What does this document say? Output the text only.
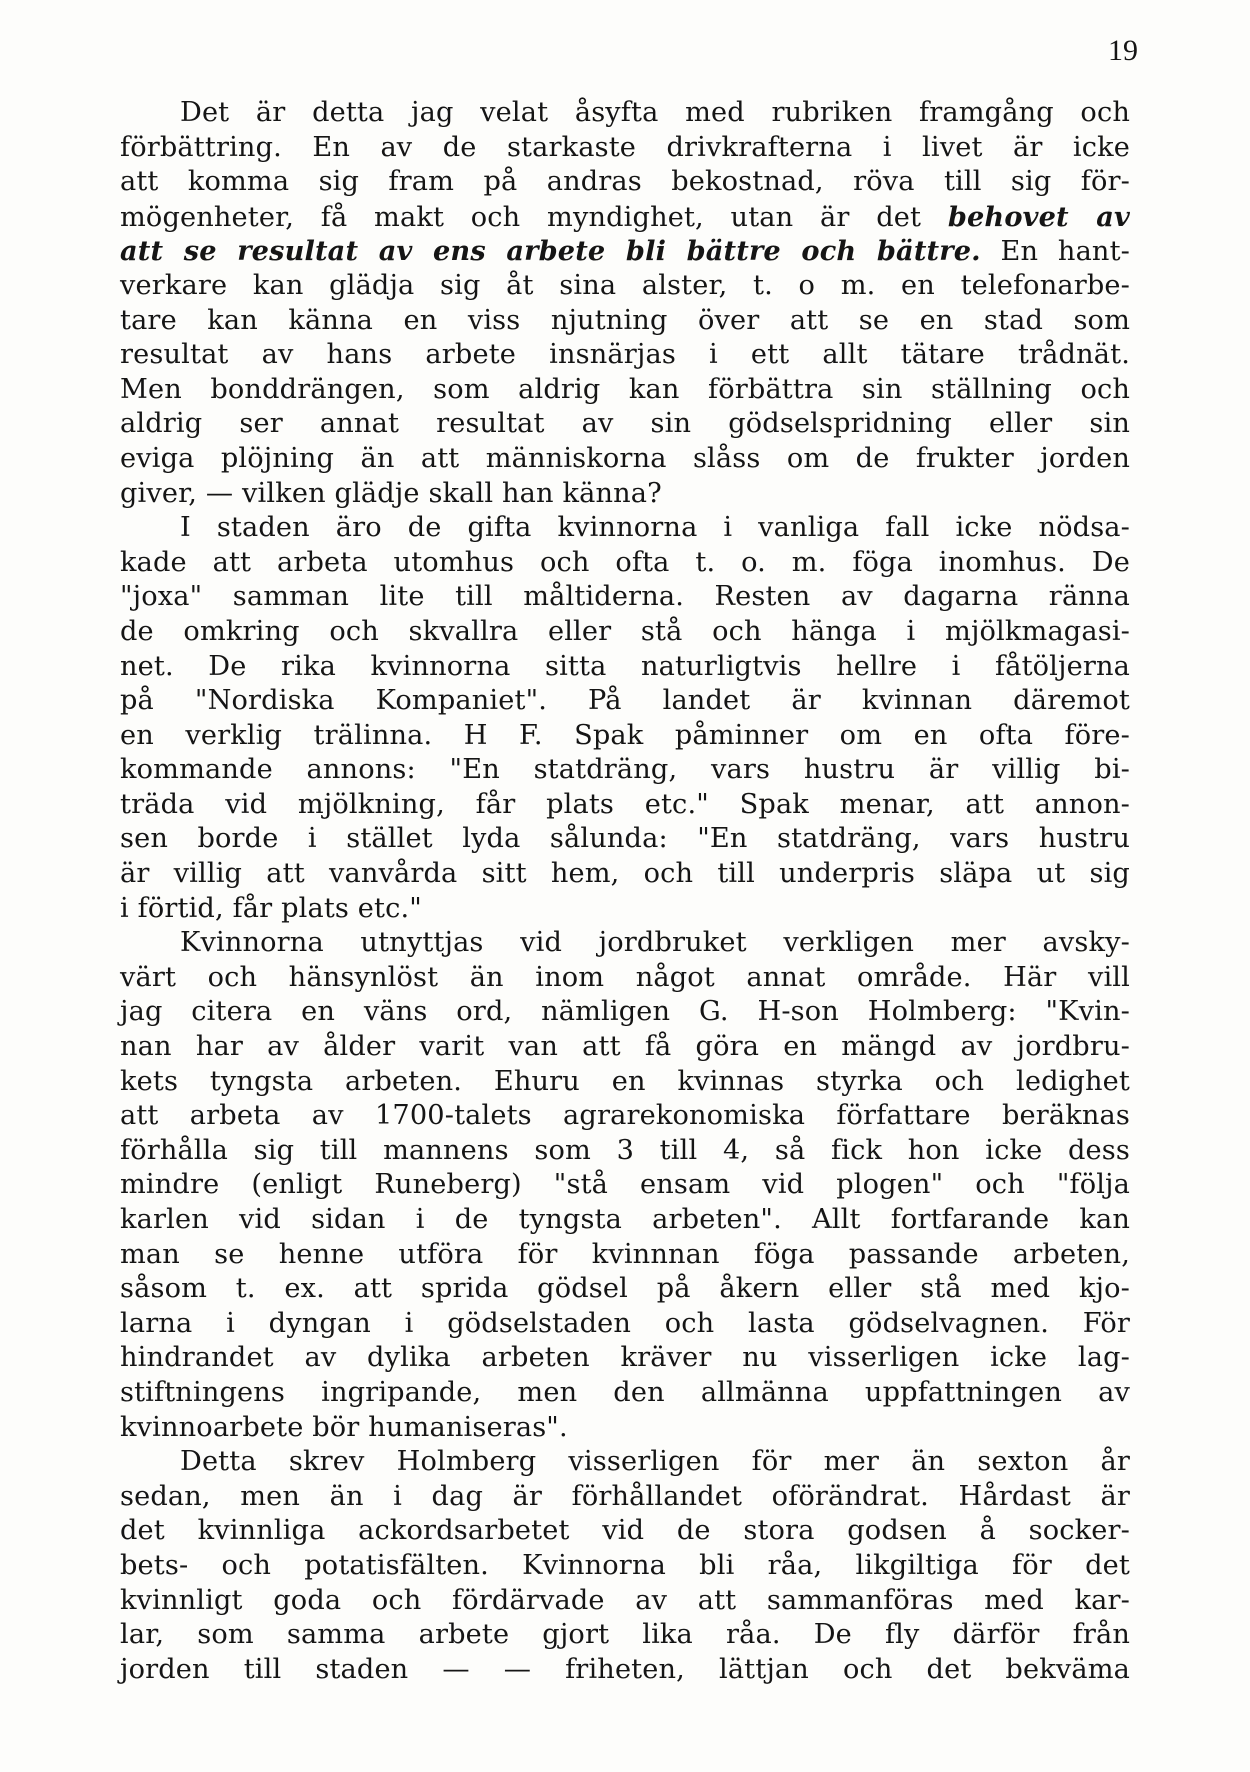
19
Det är detta jag velat åsyfta med rubriken framgång och
förbättring. En av de starkaste drivkrafterna i livet är icke
att komma sig fram på andras bekostnad, röva till sig för-
mögenheter, få makt och myndighet, utan är det behovet av
att se resultat av ens arbete bli bättre och bättre. En hant-
verkare kan glädja sig åt sina alster, t. o m. en telefonarbe-
tare kan känna en viss njutning över att se en stad som
resultat av hans arbete insnärjas i ett allt tätare trådnät.
Men bonddrängen, som aldrig kan förbättra sin ställning och
aldrig ser annat resultat av sin gödselspridning eller sin
eviga plöjning än att människorna slåss om de frukter jorden
giver, — vilken glädje skall han känna?
I staden äro de gifta kvinnorna i vanliga fall icke nödsa-
kade att arbeta utomhus och ofta t. o. m. föga inomhus. De
"joxa" samman lite till måltiderna. Resten av dagarna ränna
de omkring och skvallra eller stå och hänga i mjölkmagasi-
net. De rika kvinnorna sitta naturligtvis hellre i fåtöljerna
på "Nordiska Kompaniet". På landet är kvinnan däremot
en verklig trälinna. H F. Spak påminner om en ofta före-
kommande annons: "En statdräng, vars hustru är villig bi-
träda vid mjölkning, får plats etc." Spak menar, att annon-
sen borde i stället lyda sålunda: "En statdräng, vars hustru
är villig att vanvårda sitt hem, och till underpris släpa ut sig
i förtid, får plats etc."
Kvinnorna utnyttjas vid jordbruket verkligen mer avsky-
värt och hänsynlöst än inom något annat område. Här vill
jag citera en väns ord, nämligen G. H-son Holmberg: "Kvin-
nan har av ålder varit van att få göra en mängd av jordbru-
kets tyngsta arbeten. Ehuru en kvinnas styrka och ledighet
att arbeta av 1700-talets agrarekonomiska författare beräknas
förhålla sig till mannens som 3 till 4, så fick hon icke dess
mindre (enligt Runeberg) "stå ensam vid plogen" och "följa
karlen vid sidan i de tyngsta arbeten". Allt fortfarande kan
man se henne utföra för kvinnnan föga passande arbeten,
såsom t. ex. att sprida gödsel på åkern eller stå med kjo-
larna i dyngan i gödselstaden och lasta gödselvagnen. För
hindrandet av dylika arbeten kräver nu visserligen icke lag-
stiftningens ingripande, men den allmänna uppfattningen av
kvinnoarbete bör humaniseras".
Detta skrev Holmberg visserligen för mer än sexton år
sedan, men än i dag är förhållandet oförändrat. Hårdast är
det kvinnliga ackordsarbetet vid de stora godsen å socker-
bets- och potatisfälten. Kvinnorna bli råa, likgiltiga för det
kvinnligt goda och fördärvade av att sammanföras med kar-
lar, som samma arbete gjort lika råa. De fly därför från
jorden till staden — — friheten, lättjan och det bekväma
